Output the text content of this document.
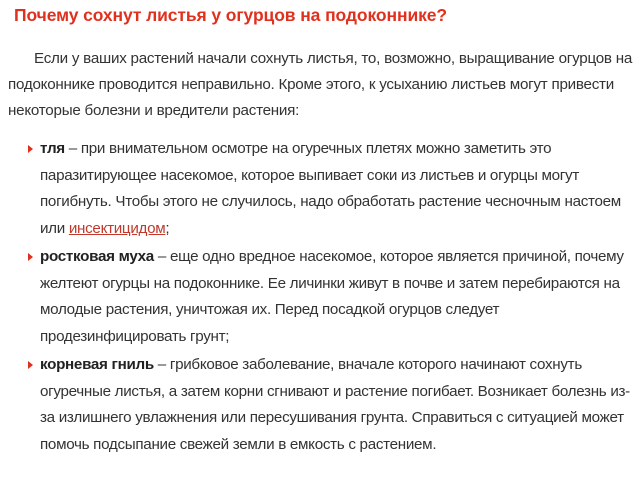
Почему сохнут листья у огурцов на подоконнике?

Если у ваших растений начали сохнуть листья, то, возможно, выращивание огурцов на подоконнике проводится неправильно. Кроме этого, к усыханию листьев могут привести некоторые болезни и вредители растения:

тля – при внимательном осмотре на огуречных плетях можно заметить это паразитирующее насекомое, которое выпивает соки из листьев и огурцы могут погибнуть. Чтобы этого не случилось, надо обработать растение чесночным настоем или инсектицидом;
ростковая муха – еще одно вредное насекомое, которое является причиной, почему желтеют огурцы на подоконнике. Ее личинки живут в почве и затем перебираются на молодые растения, уничтожая их. Перед посадкой огурцов следует продезинфицировать грунт;
корневая гниль – грибковое заболевание, вначале которого начинают сохнуть огуречные листья, а затем корни сгнивают и растение погибает. Возникает болезнь из-за излишнего увлажнения или пересушивания грунта. Справиться с ситуацией может помочь подсыпание свежей земли в емкость с растением.
